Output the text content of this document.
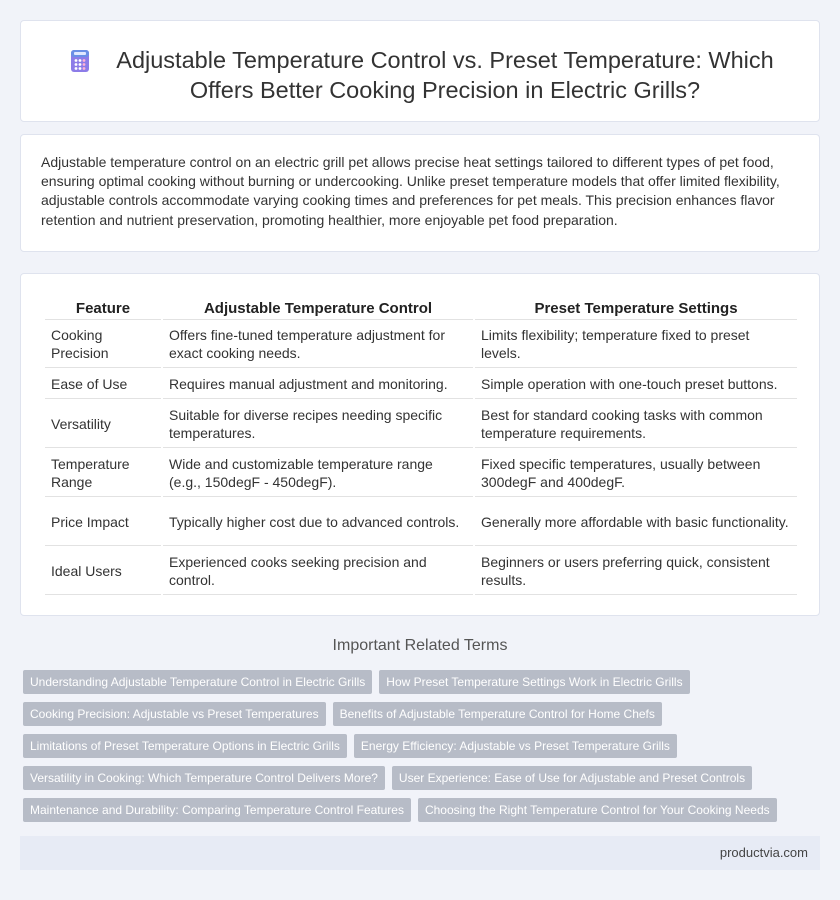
Adjustable Temperature Control vs. Preset Temperature: Which Offers Better Cooking Precision in Electric Grills?

Adjustable temperature control on an electric grill pet allows precise heat settings tailored to different types of pet food, ensuring optimal cooking without burning or undercooking. Unlike preset temperature models that offer limited flexibility, adjustable controls accommodate varying cooking times and preferences for pet meals. This precision enhances flavor retention and nutrient preservation, promoting healthier, more enjoyable pet food preparation.

Feature	Adjustable Temperature Control	Preset Temperature Settings
Cooking Precision	Offers fine-tuned temperature adjustment for exact cooking needs.	Limits flexibility; temperature fixed to preset levels.
Ease of Use	Requires manual adjustment and monitoring.	Simple operation with one-touch preset buttons.
Versatility	Suitable for diverse recipes needing specific temperatures.	Best for standard cooking tasks with common temperature requirements.
Temperature Range	Wide and customizable temperature range (e.g., 150degF - 450degF).	Fixed specific temperatures, usually between 300degF and 400degF.
Price Impact	Typically higher cost due to advanced controls.	Generally more affordable with basic functionality.
Ideal Users	Experienced cooks seeking precision and control.	Beginners or users preferring quick, consistent results.
Important Related Terms
Understanding Adjustable Temperature Control in Electric Grills	How Preset Temperature Settings Work in Electric Grills
Cooking Precision: Adjustable vs Preset Temperatures	Benefits of Adjustable Temperature Control for Home Chefs
Limitations of Preset Temperature Options in Electric Grills	Energy Efficiency: Adjustable vs Preset Temperature Grills
Versatility in Cooking: Which Temperature Control Delivers More?	User Experience: Ease of Use for Adjustable and Preset Controls
Maintenance and Durability: Comparing Temperature Control Features	Choosing the Right Temperature Control for Your Cooking Needs
productvia.com
